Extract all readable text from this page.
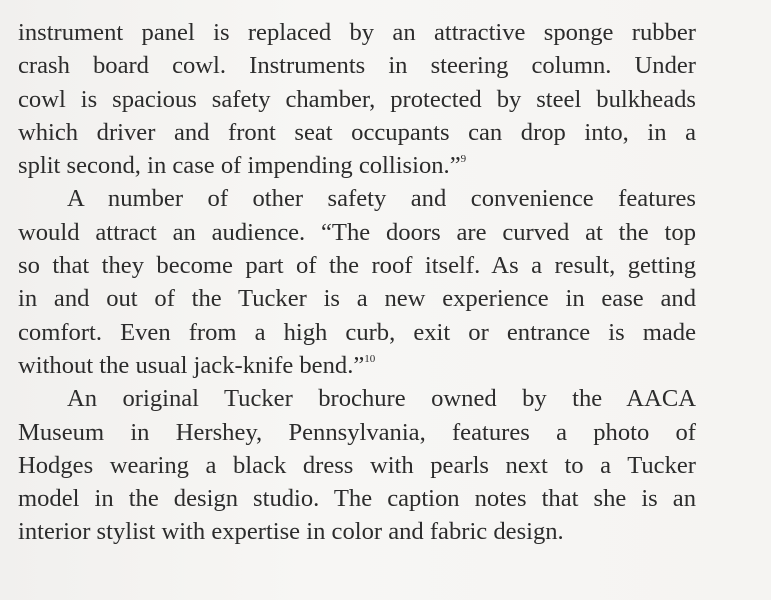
instrument panel is replaced by an attractive sponge rubber
crash board cowl. Instruments in steering column. Under
cowl is spacious safety chamber, protected by steel bulkheads
which driver and front seat occupants can drop into, in a
split second, in case of impending collision.”$^9$
A number of other safety and convenience features
would attract an audience. “The doors are curved at the top
so that they become part of the roof itself. As a result, getting
in and out of the Tucker is a new experience in ease and
comfort. Even from a high curb, exit or entrance is made
without the usual jack-knife bend.”$^{10}$
An original Tucker brochure owned by the AACA
Museum in Hershey, Pennsylvania, features a photo of
Hodges wearing a black dress with pearls next to a Tucker
model in the design studio. The caption notes that she is an
interior stylist with expertise in color and fabric design.
